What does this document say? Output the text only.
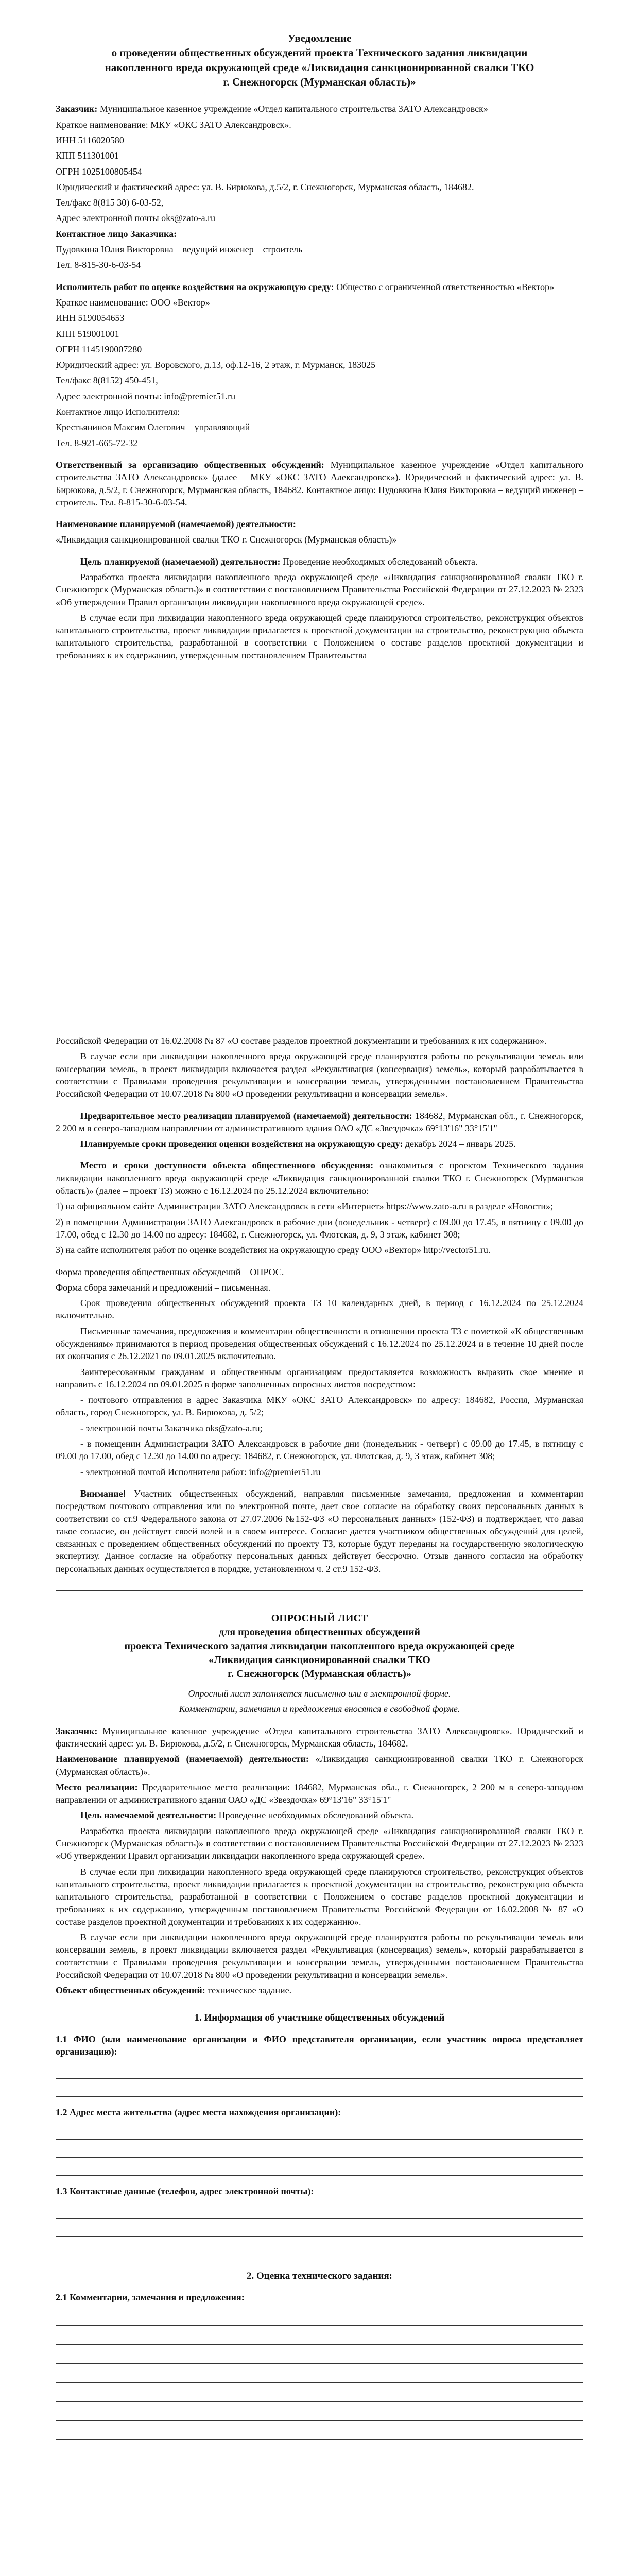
Уведомление
о проведении общественных обсуждений проекта Технического задания ликвидации
накопленного вреда окружающей среде «Ликвидация санкционированной свалки ТКО
г. Снежногорск (Мурманская область)»

Заказчик: Муниципальное казенное учреждение «Отдел капитального строительства ЗАТО Александровск»

Краткое наименование: МКУ «ОКС ЗАТО Александровск».

ИНН 5116020580

КПП 511301001

ОГРН 1025100805454

Юридический и фактический адрес: ул. В. Бирюкова, д.5/2, г. Снежногорск, Мурманская область, 184682.

Тел/факс 8(815 30) 6-03-52,

Адрес электронной почты oks@zato-a.ru

Контактное лицо Заказчика:

Пудовкина Юлия Викторовна – ведущий инженер – строитель

Тел. 8-815-30-6-03-54

Исполнитель работ по оценке воздействия на окружающую среду: Общество с ограниченной ответственностью «Вектор»

Краткое наименование: ООО «Вектор»

ИНН 5190054653

КПП 519001001

ОГРН 1145190007280

Юридический адрес: ул. Воровского, д.13, оф.12-16, 2 этаж, г. Мурманск, 183025

Тел/факс 8(8152) 450-451,

Адрес электронной почты: info@premier51.ru

Контактное лицо Исполнителя:

Крестьянинов Максим Олегович – управляющий

Тел. 8-921-665-72-32

Ответственный за организацию общественных обсуждений: Муниципальное казенное учреждение «Отдел капитального строительства ЗАТО Александровск» (далее – МКУ «ОКС ЗАТО Александровск»). Юридический и фактический адрес: ул. В. Бирюкова, д.5/2, г. Снежногорск, Мурманская область, 184682. Контактное лицо: Пудовкина Юлия Викторовна – ведущий инженер – строитель. Тел. 8-815-30-6-03-54.

Наименование планируемой (намечаемой) деятельности:

«Ликвидация санкционированной свалки ТКО г. Снежногорск (Мурманская область)»

Цель планируемой (намечаемой) деятельности: Проведение необходимых обследований объекта.

Разработка проекта ликвидации накопленного вреда окружающей среде «Ликвидация санкционированной свалки ТКО г. Снежногорск (Мурманская область)» в соответствии с постановлением Правительства Российской Федерации от 27.12.2023 № 2323 «Об утверждении Правил организации ликвидации накопленного вреда окружающей среде».

В случае если при ликвидации накопленного вреда окружающей среде планируются строительство, реконструкция объектов капитального строительства, проект ликвидации прилагается к проектной документации на строительство, реконструкцию объекта капитального строительства, разработанной в соответствии с Положением о составе разделов проектной документации и требованиях к их содержанию, утвержденным постановлением Правительства

Российской Федерации от 16.02.2008 № 87 «О составе разделов проектной документации и требованиях к их содержанию».

В случае если при ликвидации накопленного вреда окружающей среде планируются работы по рекультивации земель или консервации земель, в проект ликвидации включается раздел «Рекультивация (консервация) земель», который разрабатывается в соответствии с Правилами проведения рекультивации и консервации земель, утвержденными постановлением Правительства Российской Федерации от 10.07.2018 № 800 «О проведении рекультивации и консервации земель».

Предварительное место реализации планируемой (намечаемой) деятельности: 184682, Мурманская обл., г. Снежногорск, 2 200 м в северо-западном направлении от административного здания ОАО «ДС «Звездочка» 69°13'16" 33°15'1"

Планируемые сроки проведения оценки воздействия на окружающую среду: декабрь 2024 – январь 2025.

Место и сроки доступности объекта общественного обсуждения: ознакомиться с проектом Технического задания ликвидации накопленного вреда окружающей среде «Ликвидация санкционированной свалки ТКО г. Снежногорск (Мурманская область)» (далее – проект ТЗ) можно с 16.12.2024 по 25.12.2024 включительно:

1) на официальном сайте Администрации ЗАТО Александровск в сети «Интернет» https://www.zato-a.ru в разделе «Новости»;

2) в помещении Администрации ЗАТО Александровск в рабочие дни (понедельник - четверг) с 09.00 до 17.45, в пятницу с 09.00 до 17.00, обед с 12.30 до 14.00 по адресу: 184682, г. Снежногорск, ул. Флотская, д. 9, 3 этаж, кабинет 308;

3) на сайте исполнителя работ по оценке воздействия на окружающую среду ООО «Вектор» http://vector51.ru.

Форма проведения общественных обсуждений – ОПРОС.

Форма сбора замечаний и предложений – письменная.

Срок проведения общественных обсуждений проекта ТЗ 10 календарных дней, в период с 16.12.2024 по 25.12.2024 включительно.

Письменные замечания, предложения и комментарии общественности в отношении проекта ТЗ с пометкой «К общественным обсуждениям» принимаются в период проведения общественных обсуждений с 16.12.2024 по 25.12.2024 и в течение 10 дней после их окончания с 26.12.2021 по 09.01.2025 включительно.

Заинтересованным гражданам и общественным организациям предоставляется возможность выразить свое мнение и направить с 16.12.2024 по 09.01.2025 в форме заполненных опросных листов посредством:

- почтового отправления в адрес Заказчика МКУ «ОКС ЗАТО Александровск» по адресу: 184682, Россия, Мурманская область, город Снежногорск, ул. В. Бирюкова, д. 5/2;

- электронной почты Заказчика oks@zato-a.ru;

- в помещении Администрации ЗАТО Александровск в рабочие дни (понедельник - четверг) с 09.00 до 17.45, в пятницу с 09.00 до 17.00, обед с 12.30 до 14.00 по адресу: 184682, г. Снежногорск, ул. Флотская, д. 9, 3 этаж, кабинет 308;

- электронной почтой Исполнителя работ: info@premier51.ru

Внимание! Участник общественных обсуждений, направляя письменные замечания, предложения и комментарии посредством почтового отправления или по электронной почте, дает свое согласие на обработку своих персональных данных в соответствии со ст.9 Федерального закона от 27.07.2006 №152-ФЗ «О персональных данных» (152-ФЗ) и подтверждает, что давая такое согласие, он действует своей волей и в своем интересе. Согласие дается участником общественных обсуждений для целей, связанных с проведением общественных обсуждений по проекту ТЗ, которые будут переданы на государственную экологическую экспертизу. Данное согласие на обработку персональных данных действует бессрочно. Отзыв данного согласия на обработку персональных данных осуществляется в порядке, установленном ч. 2 ст.9 152-ФЗ.

ОПРОСНЫЙ ЛИСТ
для проведения общественных обсуждений
проекта Технического задания ликвидации накопленного вреда окружающей среде
«Ликвидация санкционированной свалки ТКО
г. Снежногорск (Мурманская область)»

Опросный лист заполняется письменно или в электронной форме.

Комментарии, замечания и предложения вносятся в свободной форме.

Заказчик: Муниципальное казенное учреждение «Отдел капитального строительства ЗАТО Александровск». Юридический и фактический адрес: ул. В. Бирюкова, д.5/2, г. Снежногорск, Мурманская область, 184682.

Наименование планируемой (намечаемой) деятельности: «Ликвидация санкционированной свалки ТКО г. Снежногорск (Мурманская область)».

Место реализации: Предварительное место реализации: 184682, Мурманская обл., г. Снежногорск, 2 200 м в северо-западном направлении от административного здания ОАО «ДС «Звездочка» 69°13'16" 33°15'1"

Цель намечаемой деятельности: Проведение необходимых обследований объекта.

Разработка проекта ликвидации накопленного вреда окружающей среде «Ликвидация санкционированной свалки ТКО г. Снежногорск (Мурманская область)» в соответствии с постановлением Правительства Российской Федерации от 27.12.2023 № 2323 «Об утверждении Правил организации ликвидации накопленного вреда окружающей среде».

В случае если при ликвидации накопленного вреда окружающей среде планируются строительство, реконструкция объектов капитального строительства, проект ликвидации прилагается к проектной документации на строительство, реконструкцию объекта капитального строительства, разработанной в соответствии с Положением о составе разделов проектной документации и требованиях к их содержанию, утвержденным постановлением Правительства Российской Федерации от 16.02.2008 № 87 «О составе разделов проектной документации и требованиях к их содержанию».

В случае если при ликвидации накопленного вреда окружающей среде планируются работы по рекультивации земель или консервации земель, в проект ликвидации включается раздел «Рекультивация (консервация) земель», который разрабатывается в соответствии с Правилами проведения рекультивации и консервации земель, утвержденными постановлением Правительства Российской Федерации от 10.07.2018 № 800 «О проведении рекультивации и консервации земель».

Объект общественных обсуждений: техническое задание.

1. Информация об участнике общественных обсуждений

1.1 ФИО (или наименование организации и ФИО представителя организации, если участник опроса представляет организацию):

1.2 Адрес места жительства (адрес места нахождения организации):

1.3 Контактные данные (телефон, адрес электронной почты):

2. Оценка технического задания:

2.1 Комментарии, замечания и предложения:
